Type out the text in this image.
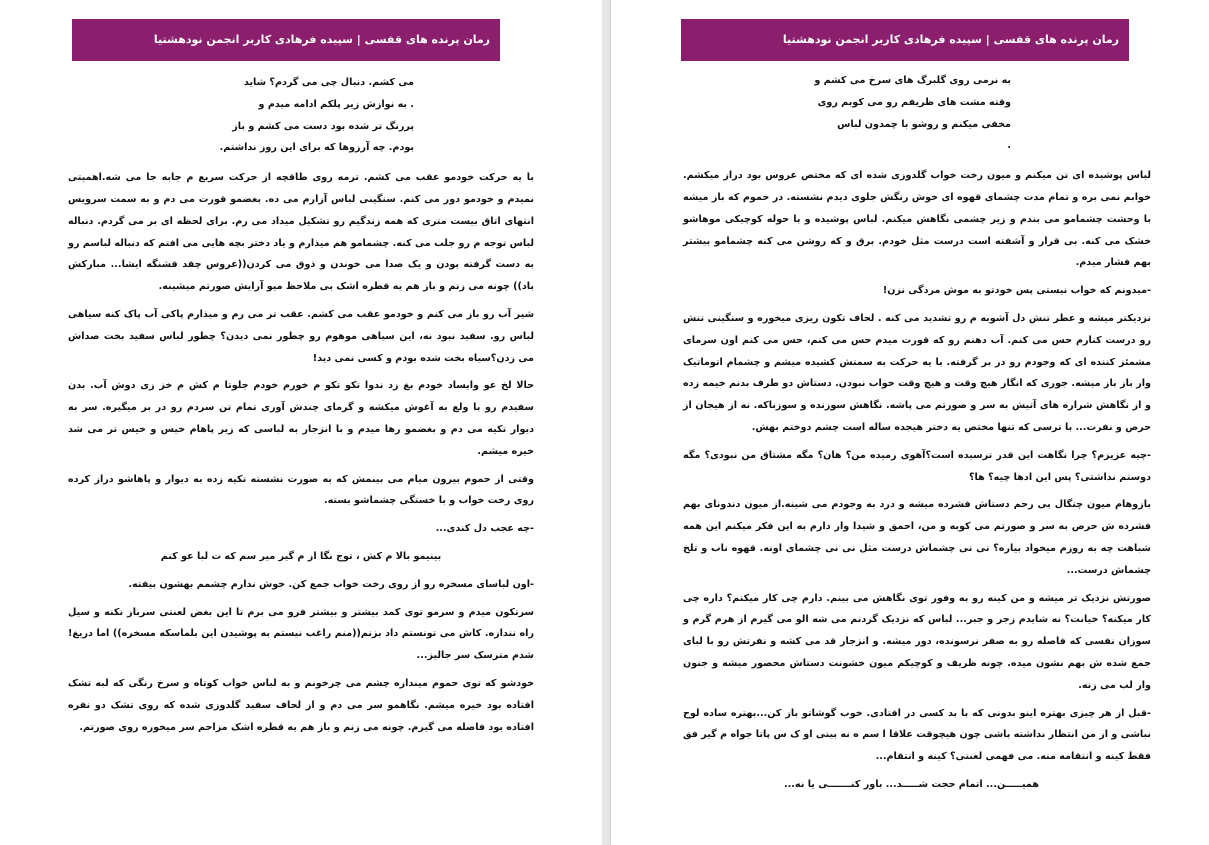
رمان پرنده های قفسی | سپیده فرهادی کاربر انجمن نودهشتیا
می کشم. دنبال چی می گردم؟ شاید
. به نوازش زیر پلکم ادامه میدم و
پررنگ تر شده بود دست می کشم و باز
بودم. چه آرزوها که برای این روز نداشتم.

با یه حرکت خودمو عقب می کشم. ترمه روی طاقچه از حرکت سریع م جابه جا می شه.اهمیتی نمیدم و خودمو دور می کنم. سنگینی لباس آزارم می ده. بغضمو قورت می دم و به سمت سرویس انتهای اتاق بیست متری که همه زندگیم رو تشکیل میداد می رم. برای لحظه ای بر می گردم. دنباله لباس توجه م رو جلب می کنه. چشمامو هم میذارم و یاد دختر بچه هایی می افتم که دنباله لباسم رو به دست گرفته بودن و یک صدا می خوندن و ذوق می کردن((عروس چقد قشنگه ایشا... مبارکش باد)) چونه می زنم و باز هم یه قطره اشک بی ملاحظ میو آرایش صورتم میشینه.

شیر آب رو باز می کنم و خودمو عقب می کشم. عقب تر می رم و میذارم پاکی آب پاک کنه سیاهی لباس رو. سفید نبود نه، این سیاهی موهوم رو چطور نمی دیدن؟ چطور لباس سفید بخت صداش می زدن؟سیاه بخت شده بودم و کسی نمی دید!

حالا لخ عو وایساد خودم بغ زد ندوا تکو تکو م خورم خودم جلوتا م کش م خز زی دوش آب. بدن سفیدم رو با ولع به آغوش میکشه و گرمای چندش آوری تمام تن سردم رو در بر میگیره. سر به دیوار تکیه می دم و بغضمو رها میدم و با انزجار به لباسی که زیر پاهام خیس و خیس تر می شد خیره میشم.

وقتی از حموم بیرون میام می بینمش که به صورت نشسته تکیه زده به دیوار و پاهاشو دراز کرده روی رخت خواب و با خستگی چشماشو بسته.

-چه عجب دل کندی...

بینیمو بالا م کش ، توج نگا از م گیر میر سم که ت لبا عو کنم

-اون لباسای مسخره رو از روی رخت خواب جمع کن. خوش ندارم چشمم بهشون بیفته.

سرتکون میدم و سرمو توی کمد بیشتر و بیشتر فرو می برم تا این بغض لعنتی سرباز نکنه و سیل راه نندازه. کاش می تونستم داد بزنم((منم راغب نیستم به پوشیدن این بلماسکه مسخره)) اما دریغ! شدم مترسک سر جالیز...

خودشو که توی حموم میندازه چشم می چرخونم و به لباس خواب کوتاه و سرخ رنگی که لبه تشک افتاده بود خیره میشم. نگاهمو سر می دم و از لحاف سفید گلدوزی شده که روی تشک دو نفره افتاده بود فاصله می گیرم. چونه می زنم و باز هم یه قطره اشک مزاحم سر میخوره روی صورتم.

رمان پرنده های قفسی | سپیده فرهادی کاربر انجمن نودهشتیا
به نرمی روی گلبرگ های سرخ می کشم و
وقته مشت های ظریفم رو می کوبم روی
مخفی میکنم و روشو با چمدون لباس
.

لباس پوشیده ای تن میکنم و میون رخت خواب گلدوزی شده ای که مختص عروس بود دراز میکشم. خوابم نمی بره و تمام مدت چشمای قهوه ای خوش رنگش جلوی دیدم نشسته. در حموم که باز میشه با وحشت چشمامو می بندم و زیر چشمی نگاهش میکنم. لباس پوشیده و با حوله کوچیکی موهاشو خشک می کنه. بی قرار و آشفته است درست مثل خودم. برق و که روشن می کنه چشمامو بیشتر بهم فشار میدم.

-میدونم که خواب نیستی پس خودتو به موش مردگی نزن!

نزدیکتر میشه و عطر تنش دل آشوبه م رو تشدید می کنه . لحاف تکون ریزی میخوره و سنگینی تنش رو درست کنارم حس می کنم. آب دهنم رو که قورت میدم حس می کنم، حس می کنم اون سرمای مشمئز کننده ای که وجودم رو در بر گرفته. با یه حرکت به سمتش کشیده میشم و چشمام اتوماتیک وار باز باز میشه. جوری که انگار هیچ وقت و هیچ وقت خواب نبودن. دستاش دو طرف بدنم خیمه زده و از نگاهش شراره های آتیش به سر و صورتم می پاشه. نگاهش سوزنده و سوزناکه. نه از هیجان از حرص و نفرت... با ترسی که تنها مختص یه دختر هیجده ساله است چشم دوختم بهش.

-چیه عزیزم؟ چرا نگاهت این قدر ترسیده است؟آهوی رمیده من؟ هان؟ مگه مشتاق من نبودی؟ مگه دوستم نداشتی؟ پس این ادها چیه؟ ها؟

بازوهام میون چنگال بی رحم دستاش فشرده میشه و درد به وجودم می شینه.از میون دندونای بهم فشرده ش حرص به سر و صورتم می کوبه و من، احمق و شیدا وار دارم به این فکر میکنم این همه شباهت چه به روزم میخواد بیاره؟ نی نی چشماش درست مثل نی نی چشمای اونه. قهوه ناب و تلخ چشماش درست...

صورتش نزدیک تر میشه و من کینه رو به وفور توی نگاهش می بینم. دارم چی کار میکنم؟ داره چی کار میکنه؟ خیانت؟ نه شایدم زجر و جبر... لباس که نزدیک گردنم می شه الو می گیرم از هرم گرم و سوزان نفسی که فاصله رو به صفر نرسونده، دور میشه. و انزجار قد می کشه و نفرتش رو با لبای جمع شده ش بهم نشون میده. چونه ظریف و کوچیکم میون خشونت دستاش محصور میشه و جنون وار لب می زنه.

-قبل از هر چیزی بهتره اینو بدونی که با بد کسی در افتادی. خوب گوشاتو باز کن...بهتره ساده لوح نباشی و از من انتظار نداشته باشی چون هیچوقت علاقا ا سم ه نه بینی او ک س پاتا جواه م گیر فق فقط کینه و انتقامه منه. می فهمی لعنتی؟ کینه و انتقام...

همیـــــن... اتمام حجت شـــــد... باور کنـــــــی یا نه...
